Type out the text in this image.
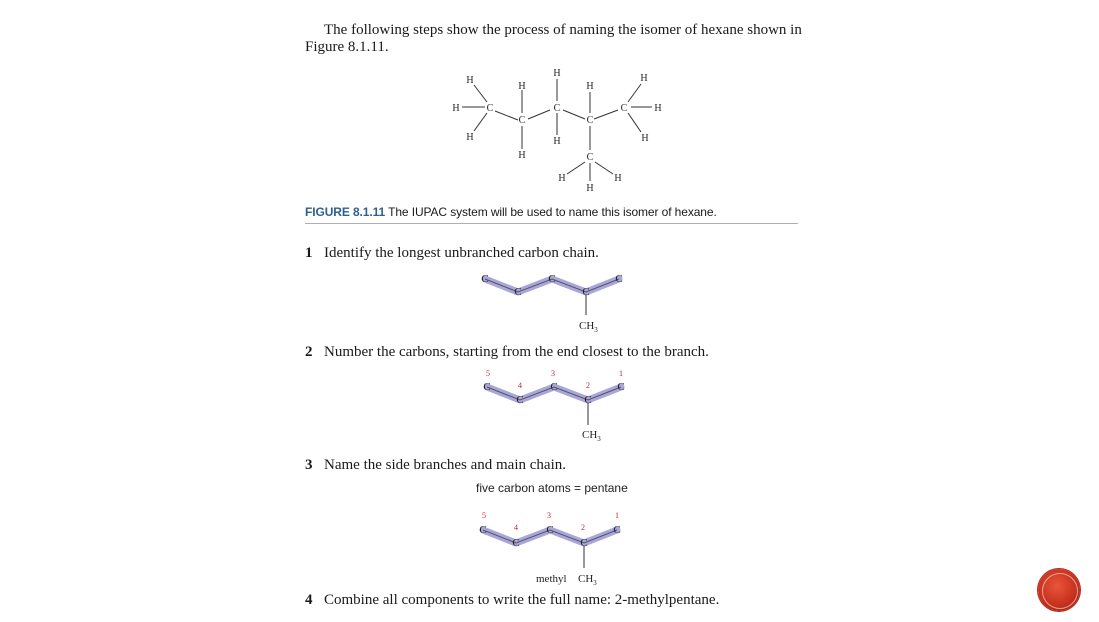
The following steps show the process of naming the isomer of hexane shown in
Figure 8.1.11.
H
H	C
H
H
C
H
H
C
H
H
C
C
H
H
H
H
C	H
H
FIGURE 8.1.11 The IUPAC system will be used to name this isomer of hexane.
1 Identify the longest unbranched carbon chain.
C
C
C
C
C
$CH_3$
2 Number the carbons, starting from the end closest to the branch.
C
C
C
C
C
5
4
3
2
1
$CH_3$
3 Name the side branches and main chain.
five carbon atoms = pentane
C
C
C
C
C
5
4
3
2
1
methyl $CH_3$
4 Combine all components to write the full name: 2-methylpentane.
